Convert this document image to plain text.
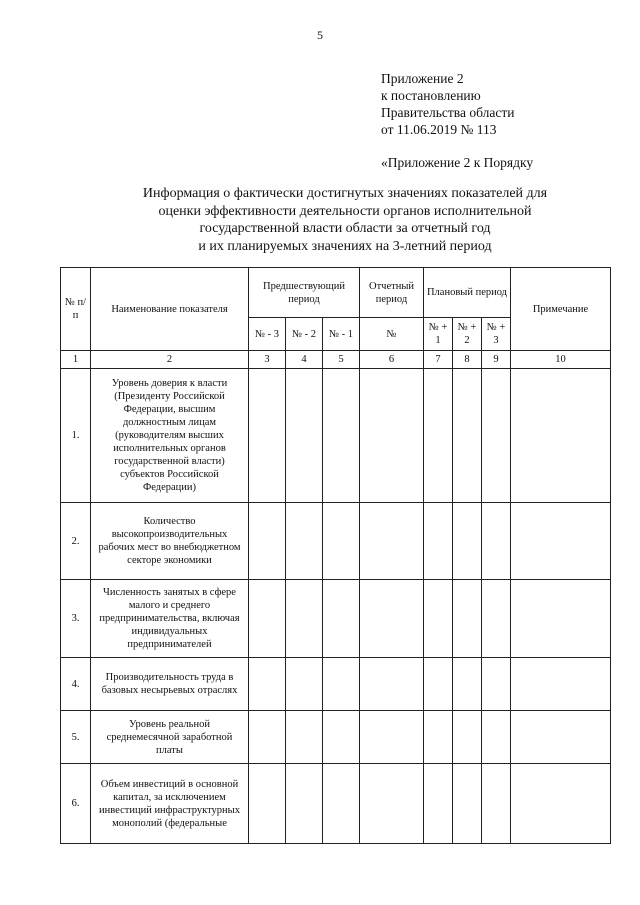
5
Приложение 2
к постановлению
Правительства области
от 11.06.2019 № 113
«Приложение 2 к Порядку
Информация о фактически достигнутых значениях показателей для
оценки эффективности деятельности органов исполнительной
государственной власти области за отчетный год
и их планируемых значениях на 3-летний период
№ п/п	Наименование показателя	Предшествующий период			Отчетный период	Плановый период			Примечание
		№ - 3	№ - 2	№ - 1	№	№ + 1	№ + 2	№ + 3	
1	2	3	4	5	6	7	8	9	10
1.	Уровень доверия к власти (Президенту Российской Федерации, высшим должностным лицам (руководителям высших исполнительных органов государственной власти) субъектов Российской Федерации)								
2.	Количество высокопроизводительных рабочих мест во внебюджетном секторе экономики								
3.	Численность занятых в сфере малого и среднего предпринимательства, включая индивидуальных предпринимателей								
4.	Производительность труда в базовых несырьевых отраслях								
5.	Уровень реальной среднемесячной заработной платы								
6.	Объем инвестиций в основной капитал, за исключением инвестиций инфраструктурных монополий (федеральные								
